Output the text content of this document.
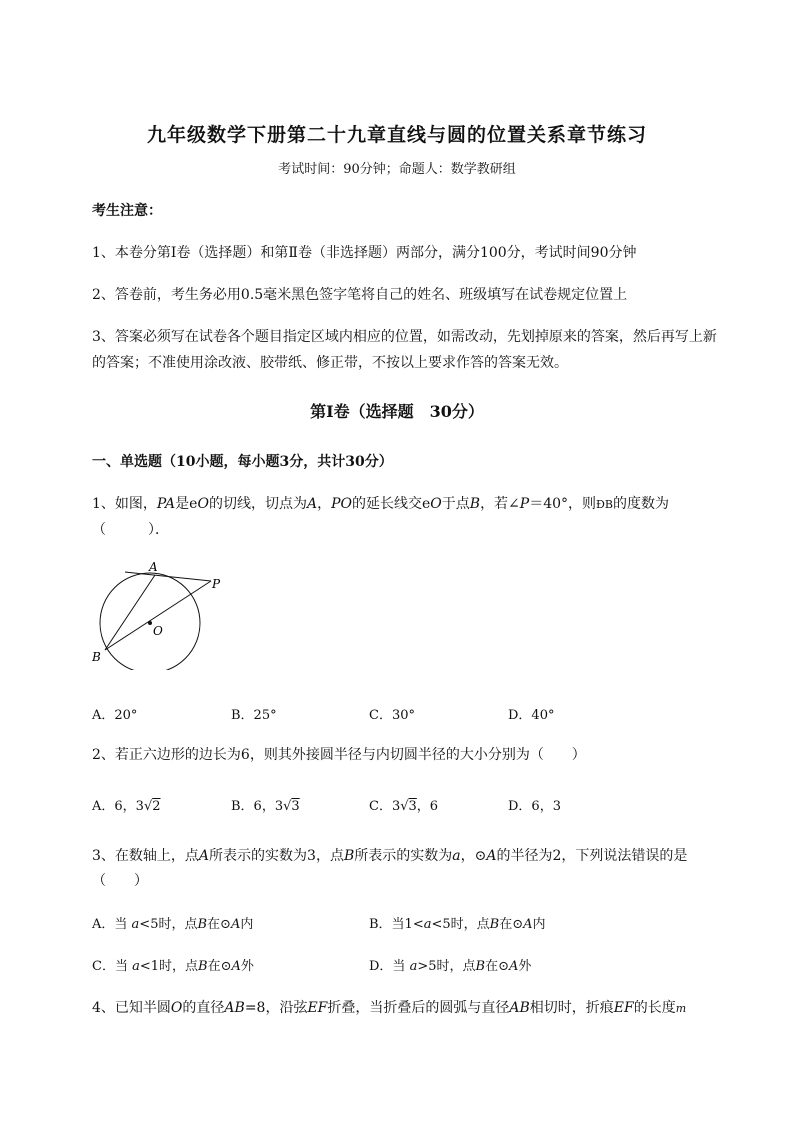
九年级数学下册第二十九章直线与圆的位置关系章节练习
考试时间：90分钟；命题人：数学教研组
考生注意：
1、本卷分第I卷（选择题）和第Ⅱ卷（非选择题）两部分，满分100分，考试时间90分钟
2、答卷前，考生务必用0.5毫米黑色签字笔将自己的姓名、班级填写在试卷规定位置上
3、答案必须写在试卷各个题目指定区域内相应的位置，如需改动，先划掉原来的答案，然后再写上新
的答案；不准使用涂改液、胶带纸、修正带，不按以上要求作答的答案无效。
第I卷（选择题　30分）
一、单选题（10小题，每小题3分，共计30分）
1、如图，PA是eO的切线，切点为A，PO的延长线交eO于点B，若∠P＝40°，则ÐB的度数为
（　　　）．
A
P
O
B
A．20°	B．25°	C．30°	D．40°
2、若正六边形的边长为6，则其外接圆半径与内切圆半径的大小分别为（　　）
A．6，3√2	B．6，3√3	C．3√3，6	D．6，3
3、在数轴上，点A所表示的实数为3，点B所表示的实数为a，⊙A的半径为2，下列说法错误的是
（　　）
A．当 a<5时，点B在⊙A内	B．当1<a<5时，点B在⊙A内
C．当 a<1时，点B在⊙A外	D．当 a>5时，点B在⊙A外
4、已知半圆O的直径AB=8，沿弦EF折叠，当折叠后的圆弧与直径AB相切时，折痕EF的长度m
